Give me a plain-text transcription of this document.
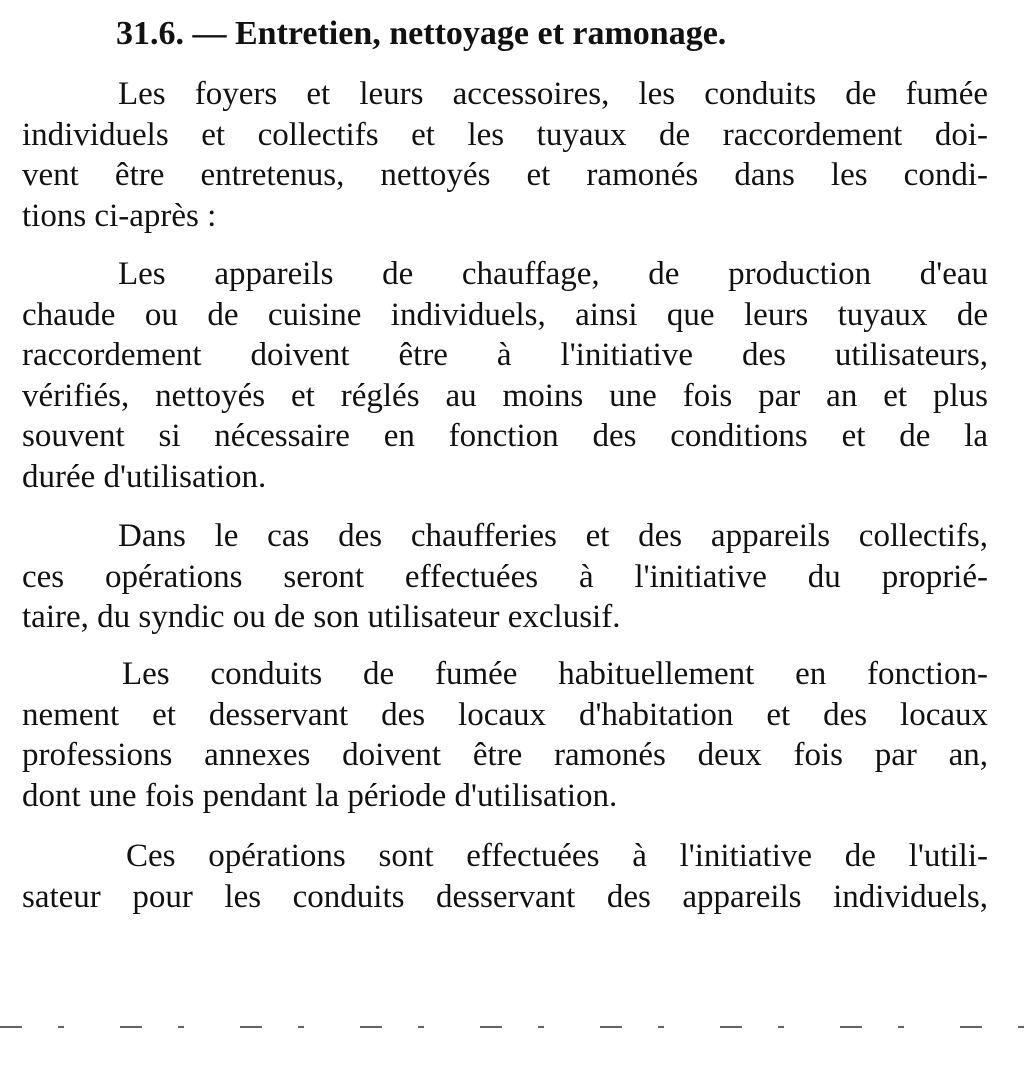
31.6. — Entretien, nettoyage et ramonage.
Les foyers et leurs accessoires, les conduits de fumée
individuels et collectifs et les tuyaux de raccordement doi-
vent être entretenus, nettoyés et ramonés dans les condi-
tions ci-après :
Les appareils de chauffage, de production d'eau
chaude ou de cuisine individuels, ainsi que leurs tuyaux de
raccordement doivent être à l'initiative des utilisateurs,
vérifiés, nettoyés et réglés au moins une fois par an et plus
souvent si nécessaire en fonction des conditions et de la
durée d'utilisation.
Dans le cas des chaufferies et des appareils collectifs,
ces opérations seront effectuées à l'initiative du proprié-
taire, du syndic ou de son utilisateur exclusif.
Les conduits de fumée habituellement en fonction-
nement et desservant des locaux d'habitation et des locaux
professions annexes doivent être ramonés deux fois par an,
dont une fois pendant la période d'utilisation.
Ces opérations sont effectuées à l'initiative de l'utili-
sateur pour les conduits desservant des appareils individuels,
